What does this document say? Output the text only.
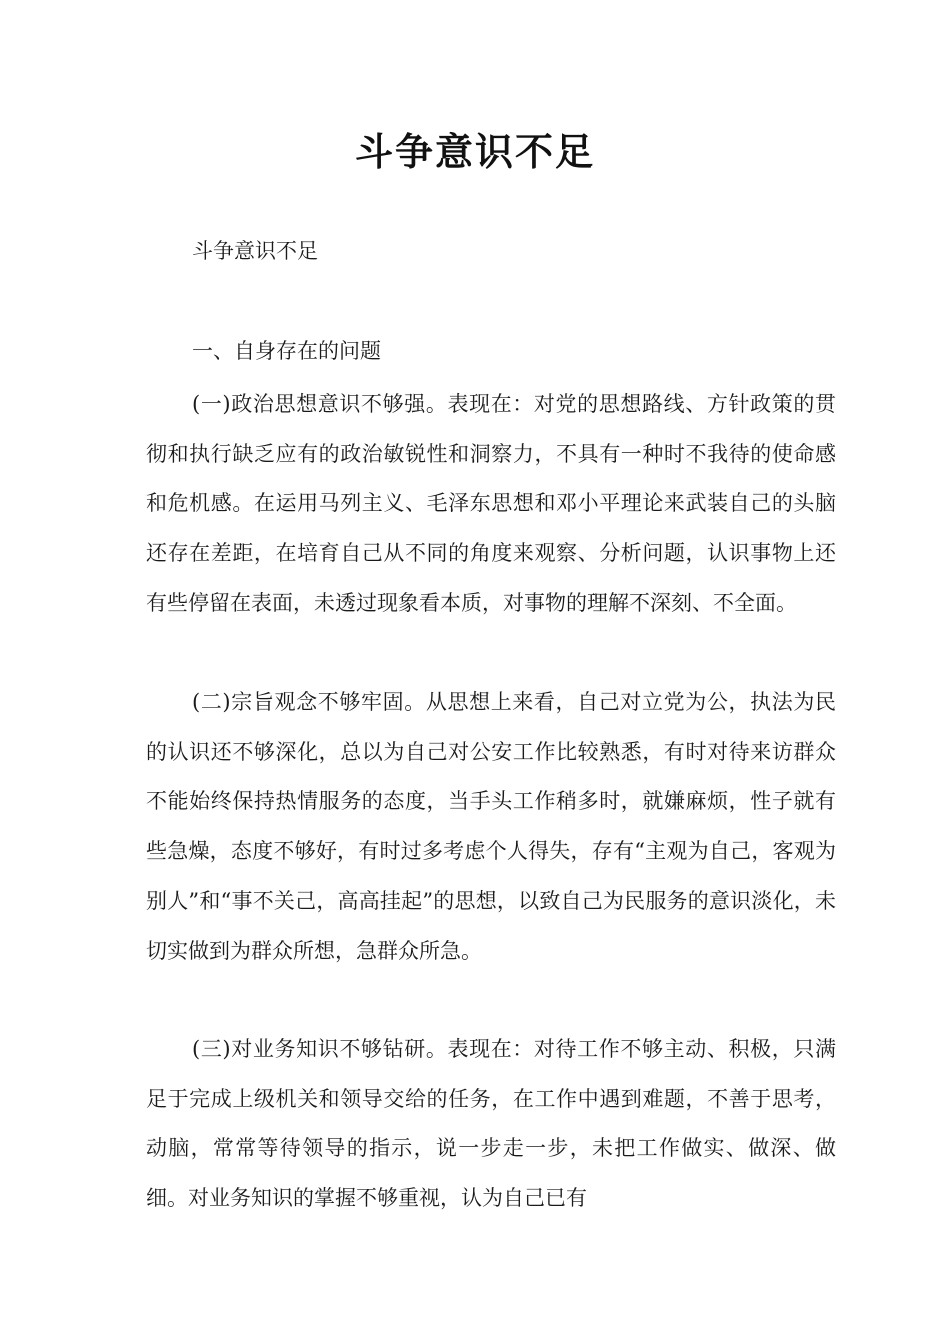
斗争意识不足
斗争意识不足
一、自身存在的问题

(一)政治思想意识不够强。表现在：对党的思想路线、方针政策的贯彻和执行缺乏应有的政治敏锐性和洞察力，不具有一种时不我待的使命感和危机感。在运用马列主义、毛泽东思想和邓小平理论来武装自己的头脑还存在差距，在培育自己从不同的角度来观察、分析问题，认识事物上还有些停留在表面，未透过现象看本质，对事物的理解不深刻、不全面。

(二)宗旨观念不够牢固。从思想上来看，自己对立党为公，执法为民的认识还不够深化，总以为自己对公安工作比较熟悉，有时对待来访群众不能始终保持热情服务的态度，当手头工作稍多时，就嫌麻烦，性子就有些急燥，态度不够好，有时过多考虑个人得失，存有“主观为自己，客观为别人”和“事不关己，高高挂起”的思想，以致自己为民服务的意识淡化，未切实做到为群众所想，急群众所急。

(三)对业务知识不够钻研。表现在：对待工作不够主动、积极，只满足于完成上级机关和领导交给的任务，在工作中遇到难题，不善于思考，动脑，常常等待领导的指示，说一步走一步，未把工作做实、做深、做细。对业务知识的掌握不够重视，认为自己已有
